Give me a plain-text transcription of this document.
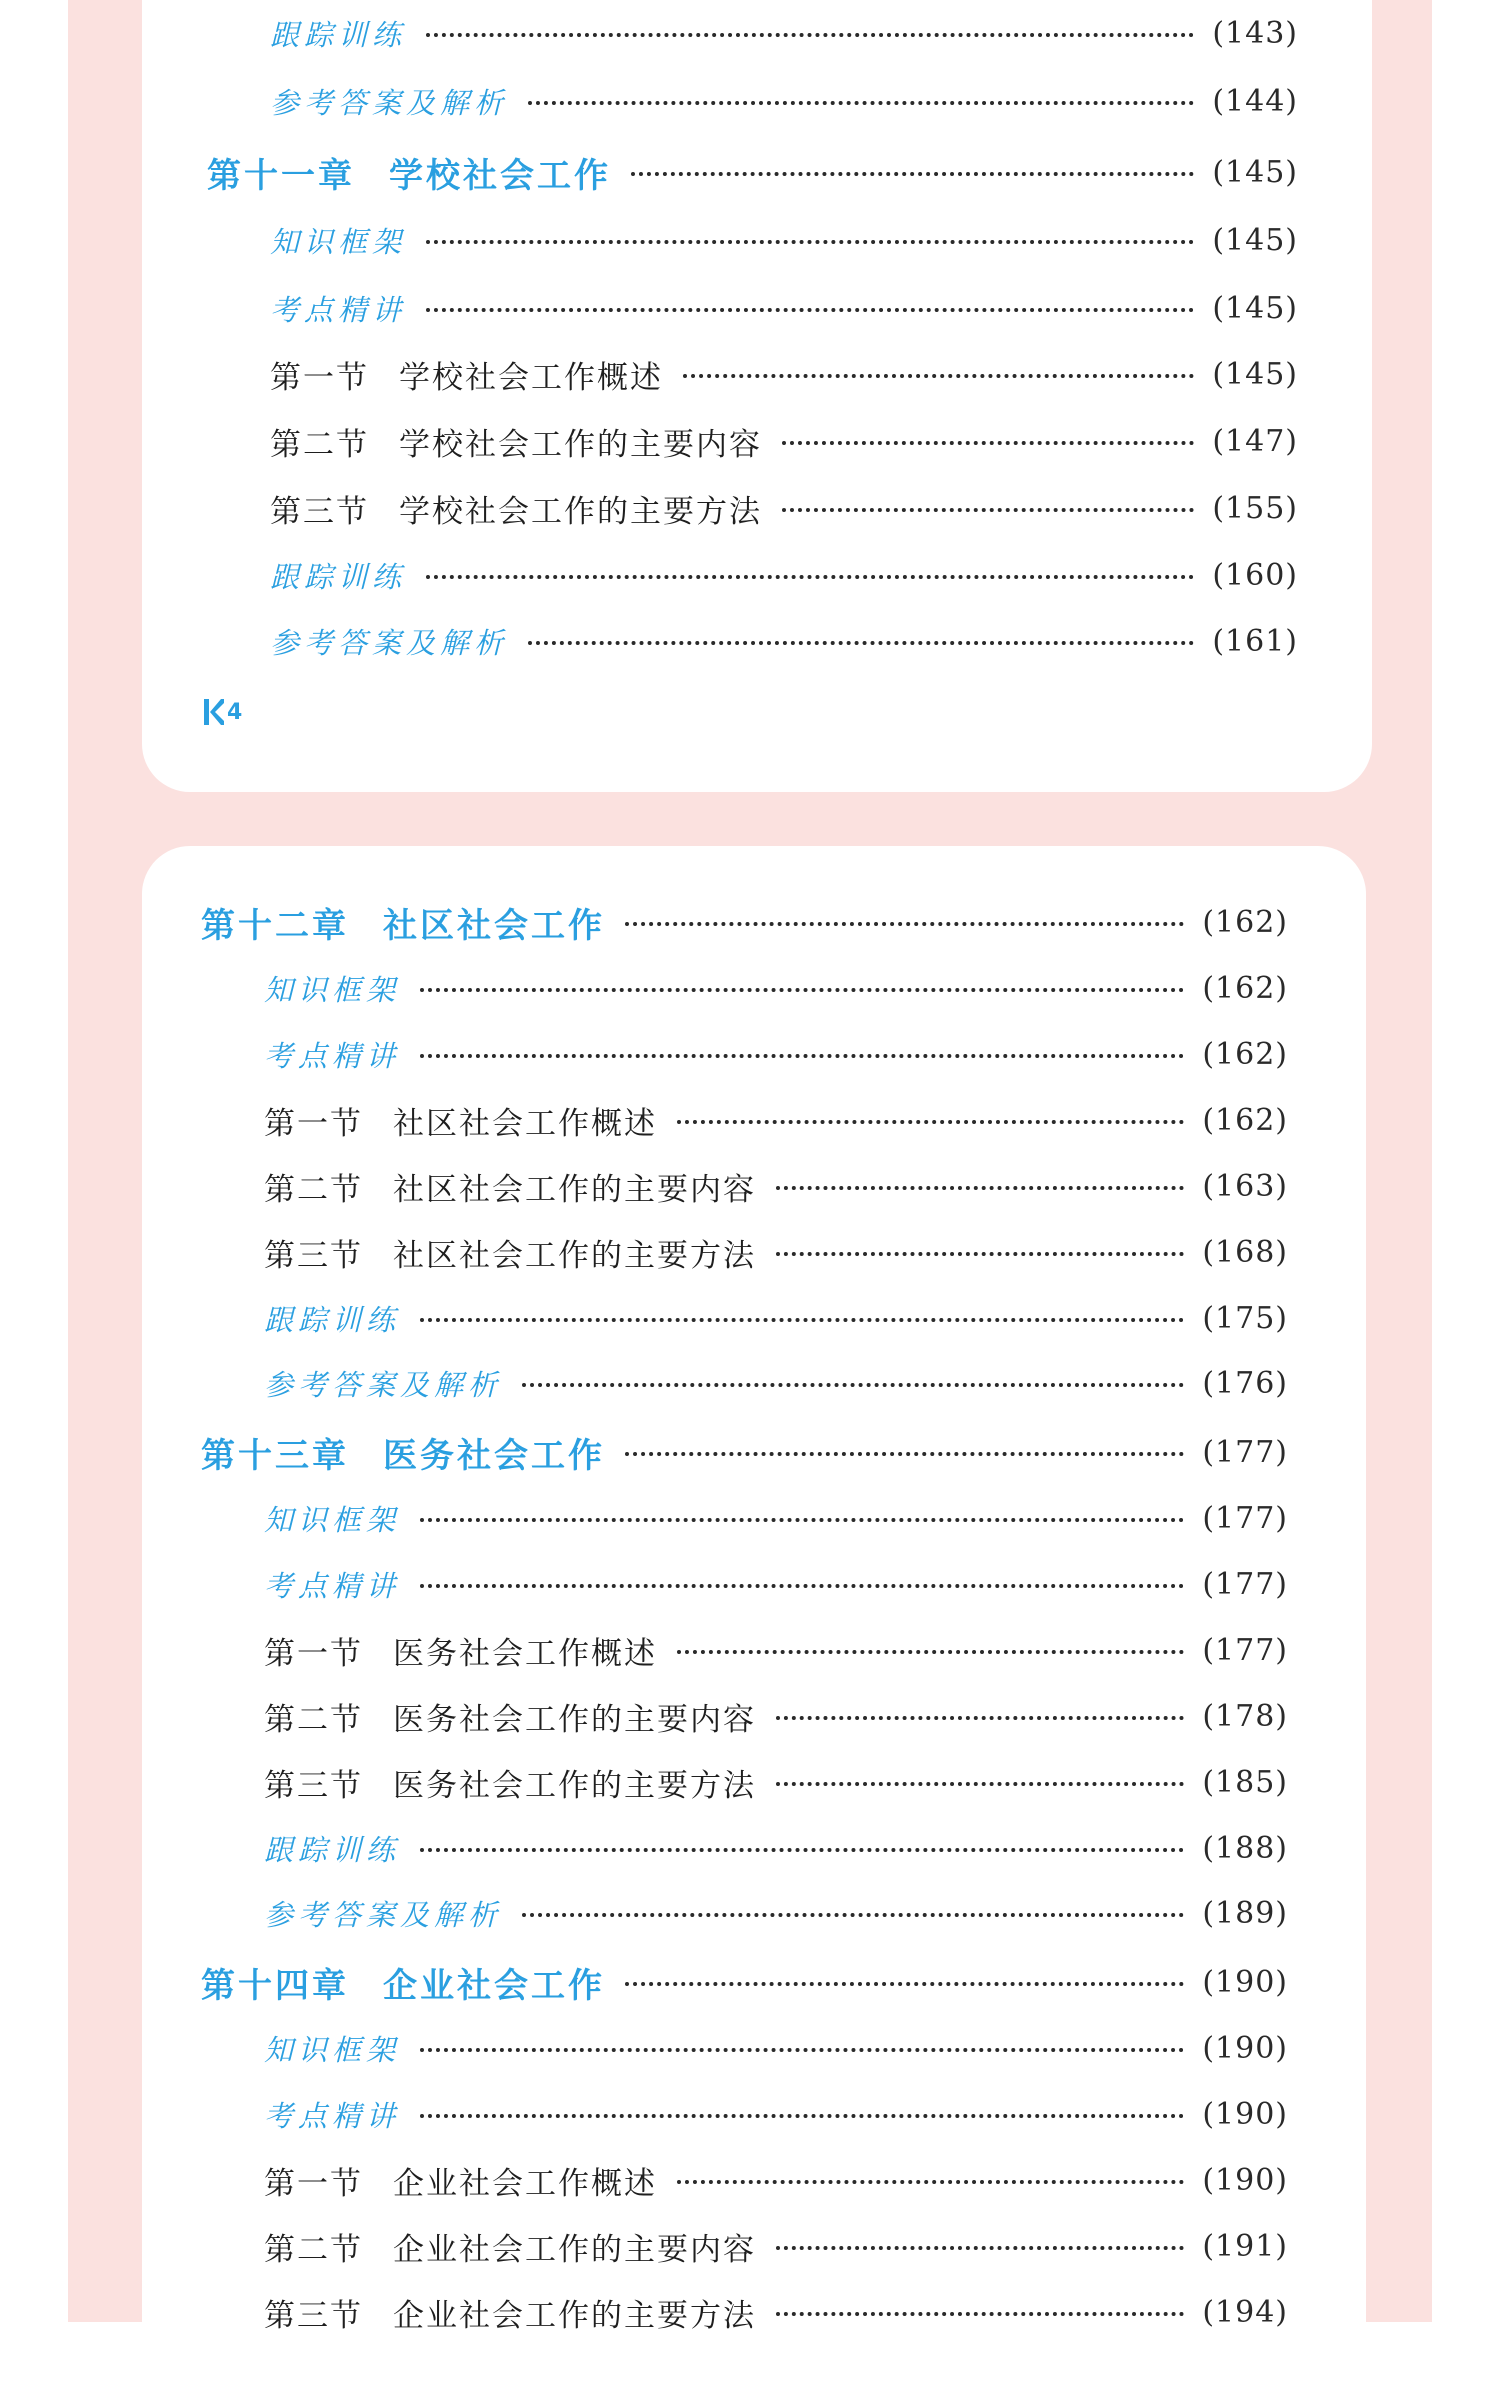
跟踪训练	(143)
参考答案及解析	(144)
第十一章 学校社会工作	(145)
知识框架	(145)
考点精讲	(145)
第一节 学校社会工作概述	(145)
第二节 学校社会工作的主要内容	(147)
第三节 学校社会工作的主要方法	(155)
跟踪训练	(160)
参考答案及解析	(161)
第十二章 社区社会工作	(162)
知识框架	(162)
考点精讲	(162)
第一节 社区社会工作概述	(162)
第二节 社区社会工作的主要内容	(163)
第三节 社区社会工作的主要方法	(168)
跟踪训练	(175)
参考答案及解析	(176)
第十三章 医务社会工作	(177)
知识框架	(177)
考点精讲	(177)
第一节 医务社会工作概述	(177)
第二节 医务社会工作的主要内容	(178)
第三节 医务社会工作的主要方法	(185)
跟踪训练	(188)
参考答案及解析	(189)
第十四章 企业社会工作	(190)
知识框架	(190)
考点精讲	(190)
第一节 企业社会工作概述	(190)
第二节 企业社会工作的主要内容	(191)
第三节 企业社会工作的主要方法	(194)
4
